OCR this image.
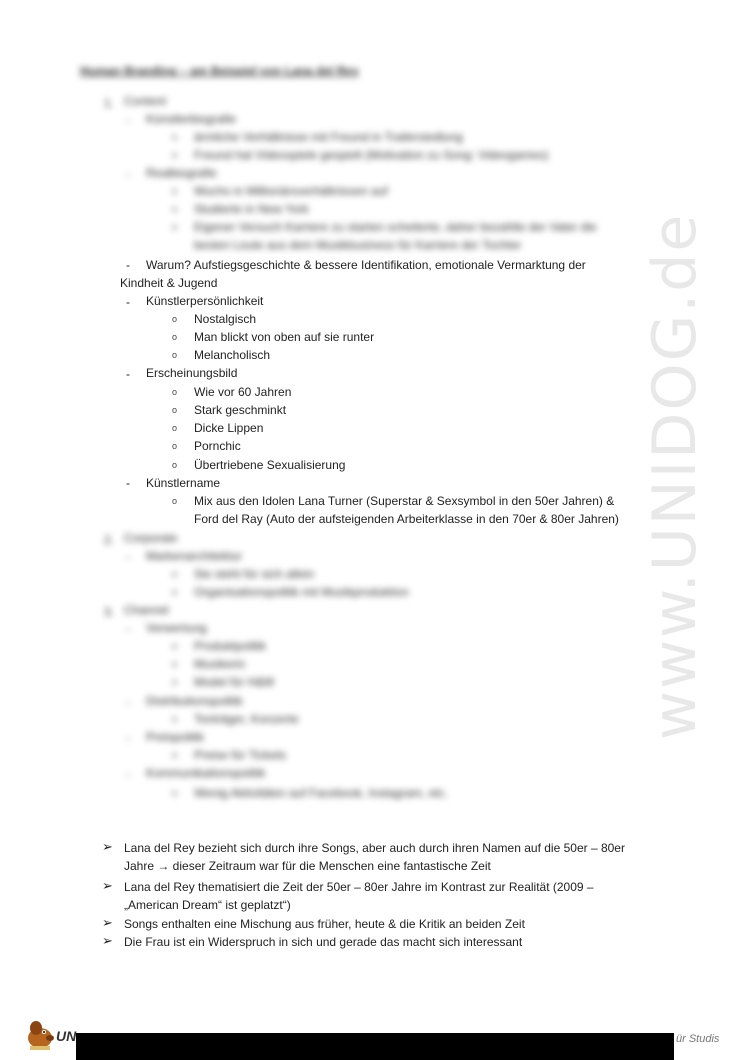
www.UNIDOG.de
Human Branding – am Beispiel von Lana del Rey
1. Content
- Künstlerbiografie
o ärmliche Verhältnisse mit Freund in Trailersiedlung
o Freund hat Videospiele gespielt (Motivation zu Song: Videogames)
- Realbiografie
o Wuchs in Millionärsverhältnissen auf
o Studierte in New York
o Eigener Versuch Karriere zu starten scheiterte, daher bezahlte der Vater die
besten Leute aus dem Musikbusiness für Karriere der Tochter
- Warum? Aufstiegsgeschichte & bessere Identifikation, emotionale Vermarktung der
Kindheit & Jugend
- Künstlerpersönlichkeit
o Nostalgisch
o Man blickt von oben auf sie runter
o Melancholisch
- Erscheinungsbild
o Wie vor 60 Jahren
o Stark geschminkt
o Dicke Lippen
o Pornchic
o Übertriebene Sexualisierung
- Künstlername
o Mix aus den Idolen Lana Turner (Superstar & Sexsymbol in den 50er Jahren) &
Ford del Ray (Auto der aufsteigenden Arbeiterklasse in den 70er & 80er Jahren)
2. Corporate
- Markenarchitektur
o Sie steht für sich allein
o Organisationspolitik mit Musikproduktion
3. Channel
- Verwertung
o Produktpolitik
o Musikerin
o Model für H&M
- Distributionspolitik
o Tonträger, Konzerte
- Preispolitik
o Preise für Tickets
- Kommunikationspolitik
o Wenig Aktivitäten auf Facebook, Instagram, etc.
➢ Lana del Rey bezieht sich durch ihre Songs, aber auch durch ihren Namen auf die 50er – 80er
Jahre → dieser Zeitraum war für die Menschen eine fantastische Zeit
➢ Lana del Rey thematisiert die Zeit der 50er – 80er Jahre im Kontrast zur Realität (2009 –
„American Dream“ ist geplatzt“)
➢ Songs enthalten eine Mischung aus früher, heute & die Kritik an beiden Zeit
➢ Die Frau ist ein Widerspruch in sich und gerade das macht sich interessant
UN	ür Studis
